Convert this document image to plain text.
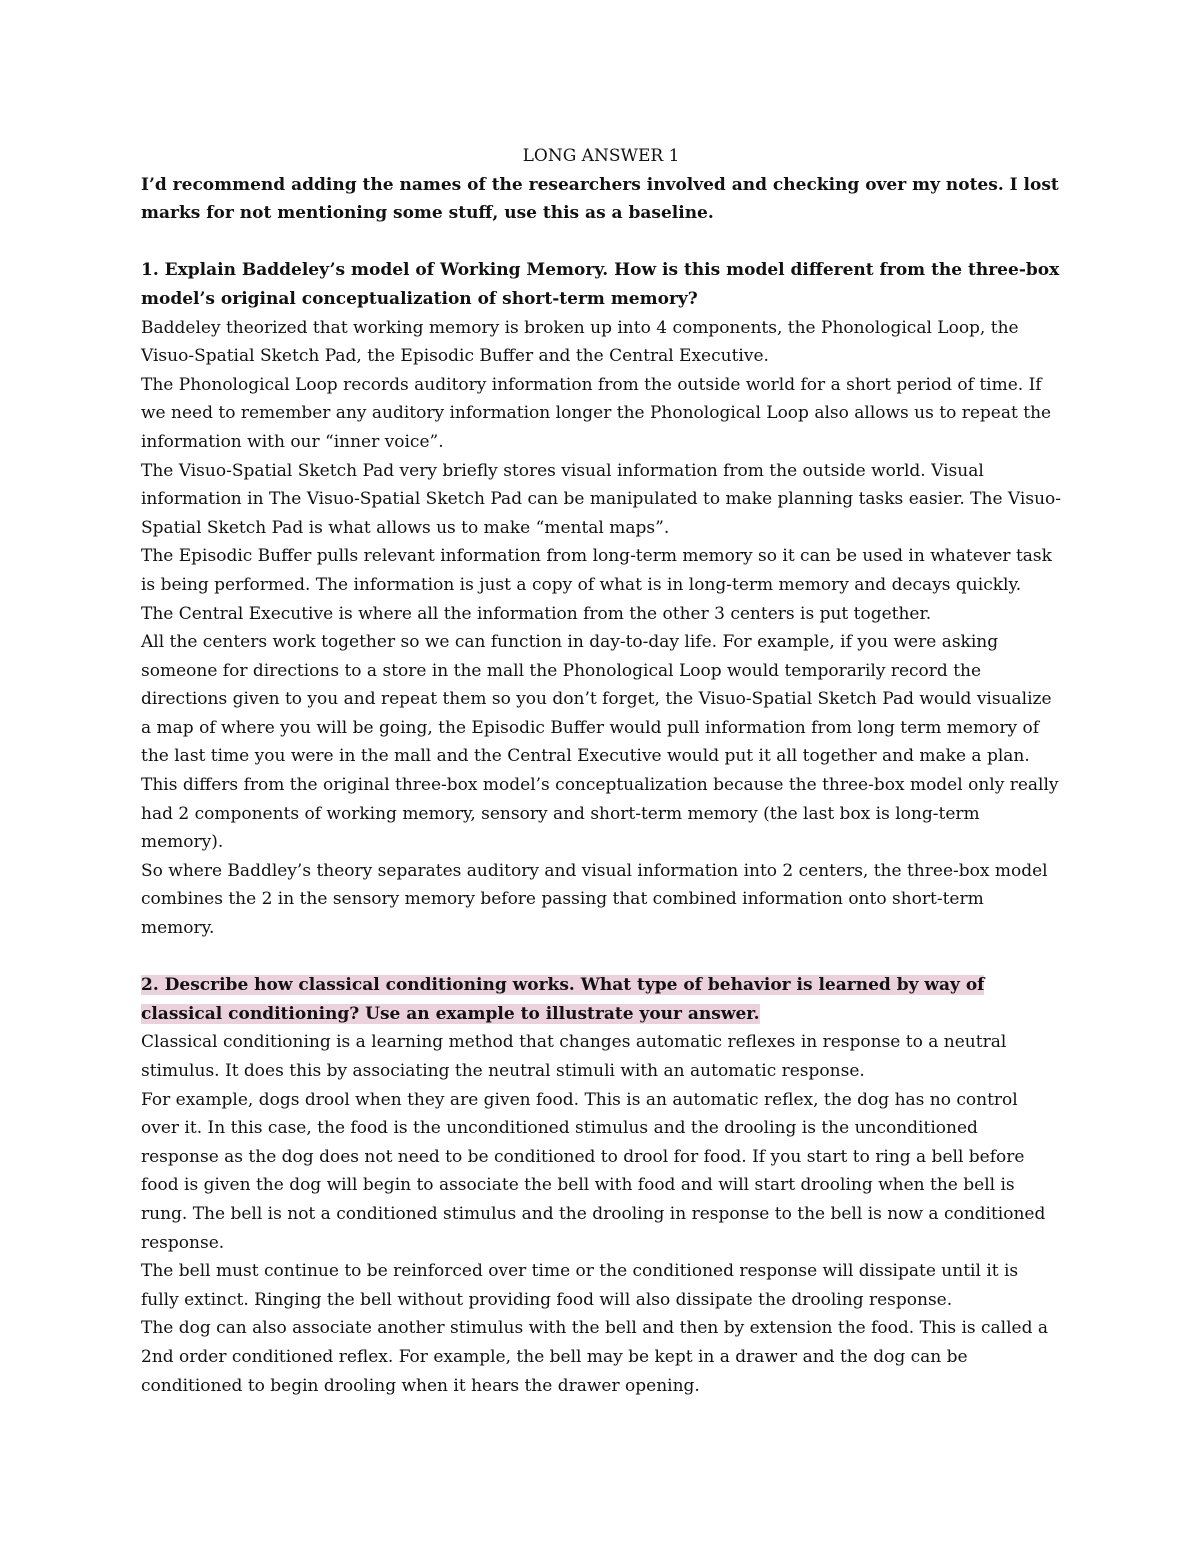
LONG ANSWER 1

I’d recommend adding the names of the researchers involved and checking over my notes. I lost marks for not mentioning some stuff, use this as a baseline.

1. Explain Baddeley’s model of Working Memory. How is this model different from the three-box model’s original conceptualization of short-term memory?

Baddeley theorized that working memory is broken up into 4 components, the Phonological Loop, the Visuo-Spatial Sketch Pad, the Episodic Buffer and the Central Executive.

The Phonological Loop records auditory information from the outside world for a short period of time. If we need to remember any auditory information longer the Phonological Loop also allows us to repeat the information with our “inner voice”.

The Visuo-Spatial Sketch Pad very briefly stores visual information from the outside world. Visual information in The Visuo-Spatial Sketch Pad can be manipulated to make planning tasks easier. The Visuo-Spatial Sketch Pad is what allows us to make “mental maps”.

The Episodic Buffer pulls relevant information from long-term memory so it can be used in whatever task is being performed. The information is just a copy of what is in long-term memory and decays quickly.

The Central Executive is where all the information from the other 3 centers is put together.

All the centers work together so we can function in day-to-day life. For example, if you were asking someone for directions to a store in the mall the Phonological Loop would temporarily record the directions given to you and repeat them so you don’t forget, the Visuo-Spatial Sketch Pad would visualize a map of where you will be going, the Episodic Buffer would pull information from long term memory of the last time you were in the mall and the Central Executive would put it all together and make a plan.

This differs from the original three-box model’s conceptualization because the three-box model only really had 2 components of working memory, sensory and short-term memory (the last box is long-term memory).

So where Baddley’s theory separates auditory and visual information into 2 centers, the three-box model combines the 2 in the sensory memory before passing that combined information onto short-term memory.

2. Describe how classical conditioning works. What type of behavior is learned by way of classical conditioning? Use an example to illustrate your answer.

Classical conditioning is a learning method that changes automatic reflexes in response to a neutral stimulus. It does this by associating the neutral stimuli with an automatic response.

For example, dogs drool when they are given food. This is an automatic reflex, the dog has no control over it. In this case, the food is the unconditioned stimulus and the drooling is the unconditioned response as the dog does not need to be conditioned to drool for food. If you start to ring a bell before food is given the dog will begin to associate the bell with food and will start drooling when the bell is rung. The bell is not a conditioned stimulus and the drooling in response to the bell is now a conditioned response.

The bell must continue to be reinforced over time or the conditioned response will dissipate until it is fully extinct. Ringing the bell without providing food will also dissipate the drooling response.

The dog can also associate another stimulus with the bell and then by extension the food. This is called a 2nd order conditioned reflex. For example, the bell may be kept in a drawer and the dog can be conditioned to begin drooling when it hears the drawer opening.
